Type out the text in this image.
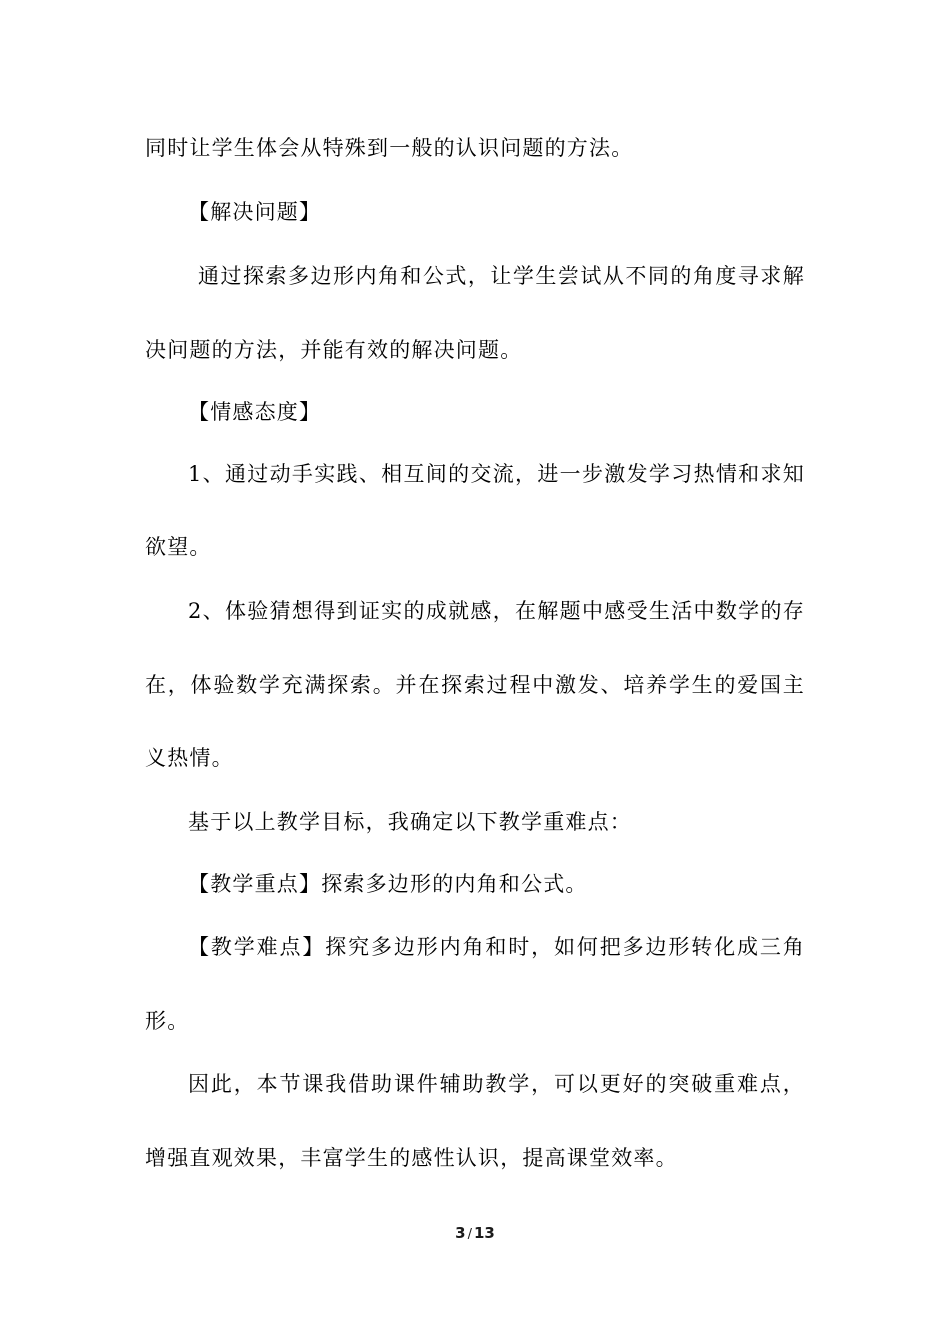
同时让学生体会从特殊到一般的认识问题的方法。
【解决问题】
通过探索多边形内角和公式，让学生尝试从不同的角度寻求解
决问题的方法，并能有效的解决问题。
【情感态度】
1、通过动手实践、相互间的交流，进一步激发学习热情和求知
欲望。
2、体验猜想得到证实的成就感，在解题中感受生活中数学的存
在，体验数学充满探索。并在探索过程中激发、培养学生的爱国主
义热情。
基于以上教学目标，我确定以下教学重难点：
【教学重点】探索多边形的内角和公式。
【教学难点】探究多边形内角和时，如何把多边形转化成三角
形。
因此，本节课我借助课件辅助教学，可以更好的突破重难点，
增强直观效果，丰富学生的感性认识，提高课堂效率。
3 / 13
